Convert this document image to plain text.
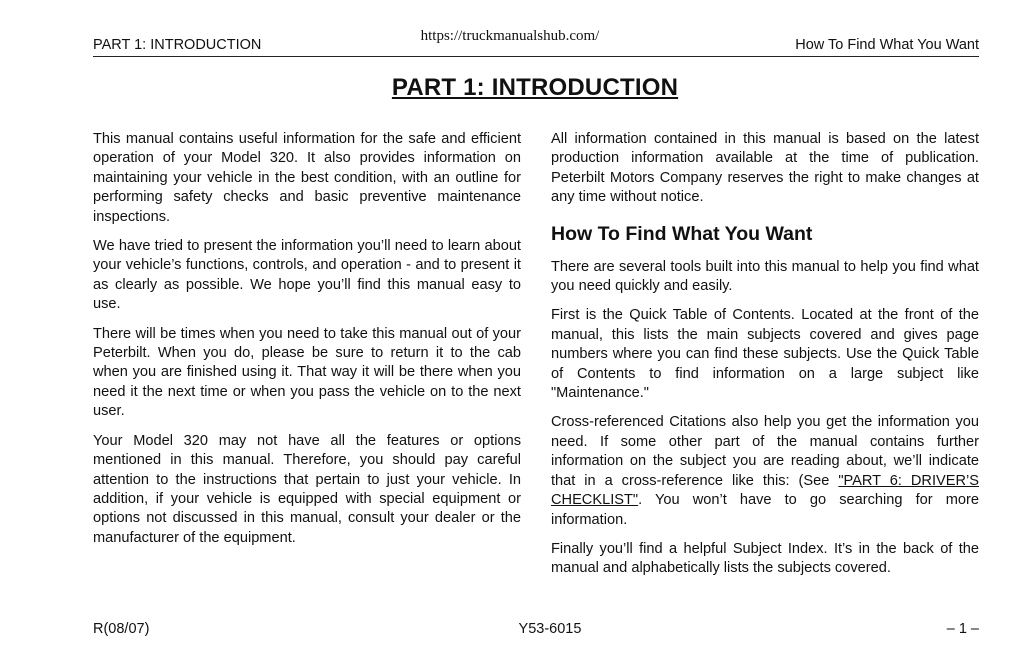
https://truckmanualshub.com/
PART 1: INTRODUCTION	How To Find What You Want
PART 1: INTRODUCTION

This manual contains useful information for the safe and efficient operation of your Model 320. It also provides information on maintaining your vehicle in the best condition, with an outline for performing safety checks and basic preventive maintenance inspections.

We have tried to present the information you’ll need to learn about your vehicle’s functions, controls, and operation - and to present it as clearly as possible. We hope you’ll find this manual easy to use.

There will be times when you need to take this manual out of your Peterbilt. When you do, please be sure to return it to the cab when you are finished using it. That way it will be there when you need it the next time or when you pass the vehicle on to the next user.

Your Model 320 may not have all the features or options mentioned in this manual. Therefore, you should pay careful attention to the instructions that pertain to just your vehicle. In addition, if your vehicle is equipped with special equipment or options not discussed in this manual, consult your dealer or the manufacturer of the equipment.

All information contained in this manual is based on the latest production information available at the time of publication. Peterbilt Motors Company reserves the right to make changes at any time without notice.

How To Find What You Want

There are several tools built into this manual to help you find what you need quickly and easily.

First is the Quick Table of Contents. Located at the front of the manual, this lists the main subjects covered and gives page numbers where you can find these subjects. Use the Quick Table of Contents to find information on a large subject like "Maintenance."

Cross-referenced Citations also help you get the information you need. If some other part of the manual contains further information on the subject you are reading about, we’ll indicate that in a cross-reference like this: (See "PART 6: DRIVER’S CHECKLIST". You won’t have to go searching for more information.

Finally you’ll find a helpful Subject Index. It’s in the back of the manual and alphabetically lists the subjects covered.

R(08/07)	Y53-6015	– 1 –
